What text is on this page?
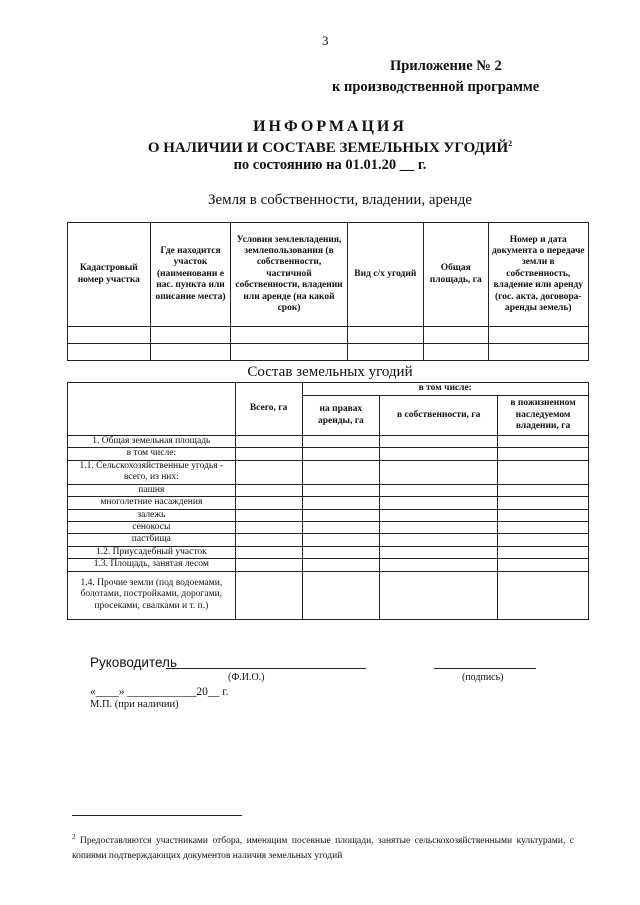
3
Приложение № 2
к производственной программе
ИНФОРМАЦИЯ
О НАЛИЧИИ И СОСТАВЕ ЗЕМЕЛЬНЫХ УГОДИЙ$^2$
по состоянию на 01.01.20 __ г.
Земля в собственности, владении, аренде
Кадастровый номер участка	Где находится участок (наименовани е нас. пункта или описание места)	Условия землевладения, землепользования (в собственности, частичной собственности, владении или аренде (на какой срок)	Вид с/х угодий	Общая площадь, га	Номер и дата документа о передаче земли в собственность, владение или аренду (гос. акта, договора-аренды земель)

Состав земельных угодий
	Всего, га	в том числе:		
		на правах аренды, га	в собственности, га	в пожизненном наследуемом владении, га
1. Общая земельная площадь				
в том числе:				
1.1. Сельскохозяйственные угодья - всего, из них:				
пашня				
многолетние насаждения				
залежь				
сенокосы				
пастбища				
1.2. Приусадебный участок				
1.3. Площадь, занятая лесом				
1.4. Прочие земли (под водоемами, болотами, постройками, дорогами, просеками, свалками и т. п.)				
Руководитель
(Ф.И.О.)	(подпись)
«____» ____________20__ г.
М.П. (при наличии)
$^2$ Предоставляются участниками отбора, имеющим посевные площади, занятые сельскохозяйственными культурами, с копиями подтверждающих документов наличия земельных угодий
